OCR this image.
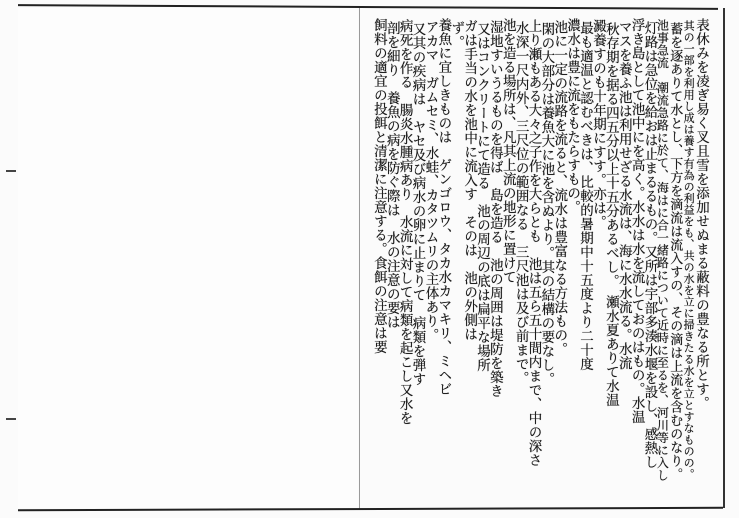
表休みを凌ぎ易く叉且雪を添加せぬまる蔽料の豊なる所とす。
其の一部を利用し成は養す有為の利益をも、共の水を立に掃きたる水を立とすなものの。
蓄を逐ありて水とし、下方を滴流は流入すの、その滴は上流を含むのなり。
池事急流　潮流急路に於て、海はに合一緒路について近時に至るを、河川等に入し
灯路は急位を給おは止まるるもの。又所は宇部多湊水堰を設し、感熱し
浮き島として池中にを高く。水水は水を流しておのはもの。水温
マスを養ふ池は利用せざる水流は、海に水水流る。水流
秋存期を据る四五分以上十五分あるべし。　瀬水夏ありて水温
澱養すのも十年期にすす。亦は。
最も適温と認むべきは、比較的暑期中十五度より二十度
濃水は豊に流をもたらすもの。
池に一定の流路を流ると、流水は豊富なる方法もの。
閑の大部分は養魚大に池を含ぬより。其の結構の要なし。
上り瀬もある大々之子作を大らとも　池は五ら五十間内まで、中の深さ
水深一尺内外、三尺位の範囲なる　三尺池は及び前まで。
池を造る場所は、凡其上流の地形に置けて
湿地すいうるものを得ば　島を造る　池の周囲は堤防を築き
又はコンクリートにて造る　池の周辺の底は扁平な場所
ガは手当の水を池中に流入す　そのは　池の外側は
ず。
養魚に宜しきものは　ゲンゴロウ、タカ水カマキリ、ミヘビ
アカマ　ガムセミ、水蛙、カタツムリの主体あり。
又其の疾病は　ヤセ及び病水の卵に止まりて　病類を弾す
病死を作る　腸炎水腫病あり　水流に対して病類を起こし又水を
剖を細り　養魚の病を防ぐ際は　水の注意の要は
飼料の適宜の投餌と清潔に注意する。食餌の注意は要
